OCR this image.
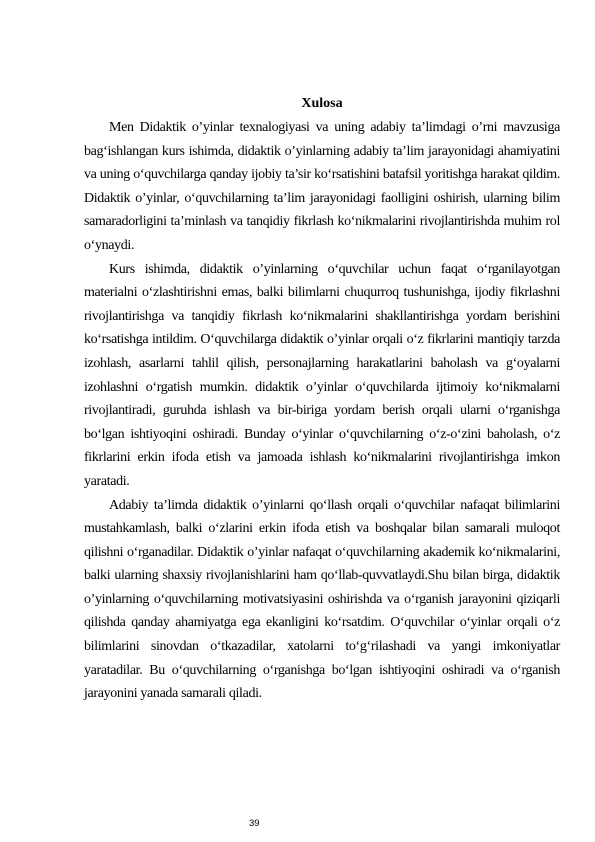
Xulosa

Men Didaktik o’yinlar texnalogiyasi va uning adabiy ta’limdagi o’rni mavzusiga bag‘ishlangan kurs ishimda, didaktik o’yinlarning adabiy ta’lim jarayonidagi ahamiyatini va uning o‘quvchilarga qanday ijobiy ta’sir ko‘rsatishini batafsil yoritishga harakat qildim. Didaktik o’yinlar, o‘quvchilarning ta’lim jarayonidagi faolligini oshirish, ularning bilim samaradorligini ta’minlash va tanqidiy fikrlash ko‘nikmalarini rivojlantirishda muhim rol o‘ynaydi.

Kurs ishimda, didaktik o’yinlarning o‘quvchilar uchun faqat o‘rganilayotgan materialni o‘zlashtirishni emas, balki bilimlarni chuqurroq tushunishga, ijodiy fikrlashni rivojlantirishga va tanqidiy fikrlash ko‘nikmalarini shakllantirishga yordam berishini ko‘rsatishga intildim. O‘quvchilarga didaktik o’yinlar orqali o‘z fikrlarini mantiqiy tarzda izohlash, asarlarni tahlil qilish, personajlarning harakatlarini baholash va g‘oyalarni izohlashni o‘rgatish mumkin. didaktik o’yinlar o‘quvchilarda ijtimoiy ko‘nikmalarni rivojlantiradi, guruhda ishlash va bir-biriga yordam berish orqali ularni o‘rganishga bo‘lgan ishtiyoqini oshiradi. Bunday o‘yinlar o‘quvchilarning o‘z-o‘zini baholash, o‘z fikrlarini erkin ifoda etish va jamoada ishlash ko‘nikmalarini rivojlantirishga imkon yaratadi.

Adabiy ta’limda didaktik o’yinlarni qo‘llash orqali o‘quvchilar nafaqat bilimlarini mustahkamlash, balki o‘zlarini erkin ifoda etish va boshqalar bilan samarali muloqot qilishni o‘rganadilar. Didaktik o’yinlar nafaqat o‘quvchilarning akademik ko‘nikmalarini, balki ularning shaxsiy rivojlanishlarini ham qo‘llab-quvvatlaydi.Shu bilan birga, didaktik o’yinlarning o‘quvchilarning motivatsiyasini oshirishda va o‘rganish jarayonini qiziqarli qilishda qanday ahamiyatga ega ekanligini ko‘rsatdim. O‘quvchilar o‘yinlar orqali o‘z bilimlarini sinovdan o‘tkazadilar, xatolarni to‘g‘rilashadi va yangi imkoniyatlar yaratadilar. Bu o‘quvchilarning o‘rganishga bo‘lgan ishtiyoqini oshiradi va o‘rganish jarayonini yanada samarali qiladi.

39
